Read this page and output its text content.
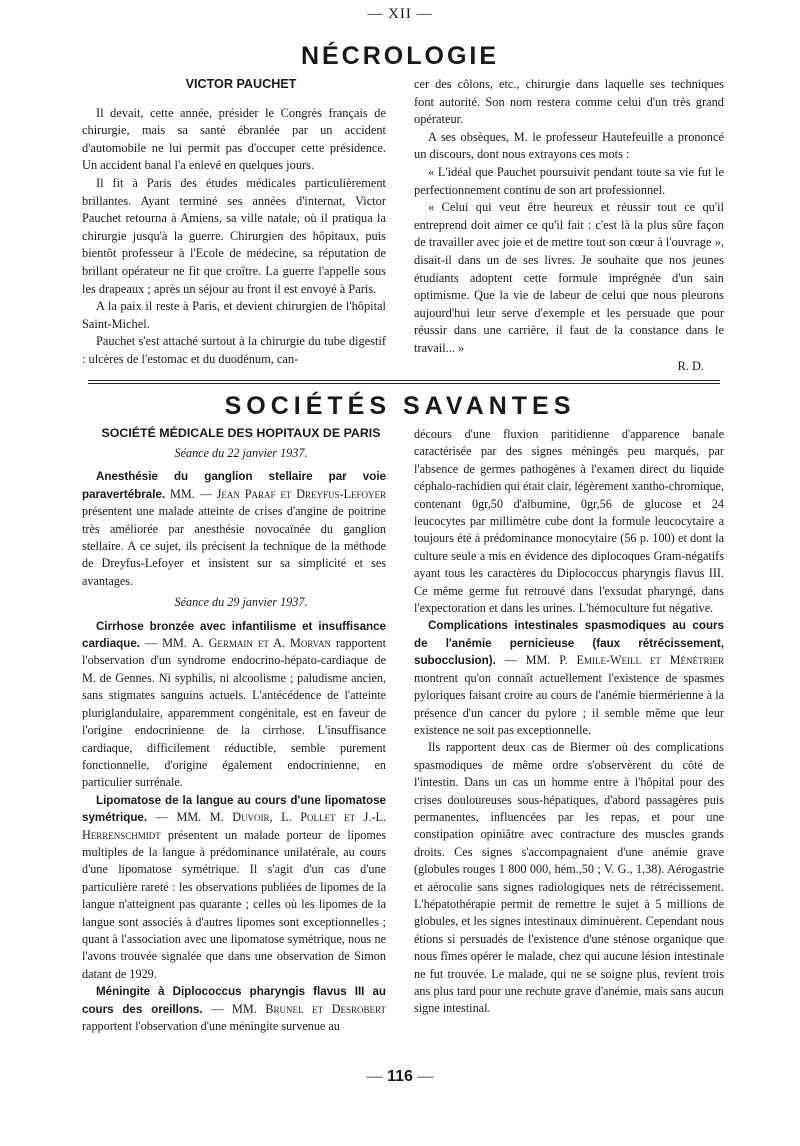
— XII —
NÉCROLOGIE

VICTOR PAUCHET

Il devait, cette année, présider le Congrès français de chirurgie, mais sa santé ébranlée par un accident d'automobile ne lui permit pas d'occuper cette présidence. Un accident banal l'a enlevé en quelques jours.

Il fit à Paris des études médicales particulièrement brillantes. Ayant terminé ses années d'internat, Victor Pauchet retourna à Amiens, sa ville natale, où il pratiqua la chirurgie jusqu'à la guerre. Chirurgien des hôpitaux, puis bientôt professeur à l'Ecole de médecine, sa réputation de brillant opérateur ne fit que croître. La guerre l'appelle sous les drapeaux ; après un séjour au front il est envoyé à Paris.

A la paix il reste à Paris, et devient chirurgien de l'hôpital Saint-Michel.

Pauchet s'est attaché surtout à la chirurgie du tube digestif : ulcères de l'estomac et du duodénum, can-

cer des côlons, etc., chirurgie dans laquelle ses techniques font autorité. Son nom restera comme celui d'un très grand opérateur.

A ses obsèques, M. le professeur Hautefeuille a prononcé un discours, dont nous extrayons ces mots :

« L'idéal que Pauchet poursuivit pendant toute sa vie fut le perfectionnement continu de son art professionnel.

« Celui qui veut être heureux et réussir tout ce qu'il entreprend doit aimer ce qu'il fait : c'est là la plus sûre façon de travailler avec joie et de mettre tout son cœur à l'ouvrage », disait-il dans un de ses livres. Je souhaite que nos jeunes étudiants adoptent cette formule imprégnée d'un sain optimisme. Que la vie de labeur de celui que nous pleurons aujourd'hui leur serve d'exemple et les persuade que pour réussir dans une carrière, il faut de la constance dans le travail... »

R. D.

SOCIÉTÉS SAVANTES

SOCIÉTÉ MÉDICALE DES HOPITAUX DE PARIS

Séance du 22 janvier 1937.

Anesthésie du ganglion stellaire par voie paravertébrale. MM. — Jean Paraf et Dreyfus-Lefoyer présentent une malade atteinte de crises d'angine de poitrine très améliorée par anesthésie novocaïnée du ganglion stellaire. A ce sujet, ils précisent la technique de la méthode de Dreyfus-Lefoyer et insistent sur sa simplicité et ses avantages.

Séance du 29 janvier 1937.

Cirrhose bronzée avec infantilisme et insuffisance cardiaque. — MM. A. Germain et A. Morvan rapportent l'observation d'un syndrome endocrino-hépato-cardiaque de M. de Gennes. Ni syphilis, ni alcoolisme ; paludisme ancien, sans stigmates sanguins actuels. L'antécédence de l'atteinte pluriglandulaire, apparemment congénitale, est en faveur de l'origine endocrinienne de la cirrhose. L'insuffisance cardiaque, difficilement réductible, semble purement fonctionnelle, d'origine également endocrinienne, en particulier surrénale.

Lipomatose de la langue au cours d'une lipomatose symétrique. — MM. M. Duvoir, L. Pollet et J.-L. Herrenschmidt présentent un malade porteur de lipomes multiples de la langue à prédominance unilatérale, au cours d'une lipomatose symétrique. Il s'agit d'un cas d'une particulière rareté : les observations publiées de lipomes de la langue n'atteignent pas quarante ; celles où les lipomes de la langue sont associés à d'autres lipomes sont exceptionnelles ; quant à l'association avec une lipomatose symétrique, nous ne l'avons trouvée signalée que dans une observation de Simon datant de 1929.

Méningite à Diplococcus pharyngis flavus III au cours des oreillons. — MM. Brunel et Desrobert rapportent l'observation d'une méningite survenue au

décours d'une fluxion paritidienne d'apparence banale caractérisée par des signes méningés peu marqués, par l'absence de germes pathogènes à l'examen direct du liquide céphalo-rachidien qui était clair, légèrement xantho-chromique, contenant 0gr,50 d'albumine, 0gr,56 de glucose et 24 leucocytes par millimètre cube dont la formule leucocytaire a toujours été à prédominance monocytaire (56 p. 100) et dont la culture seule a mis en évidence des diplocoques Gram-négatifs ayant tous les caractères du Diplococcus pharyngis flavus III. Ce même germe fut retrouvé dans l'exsudat pharyngé, dans l'expectoration et dans les urines. L'hémoculture fut négative.

Complications intestinales spasmodiques au cours de l'anémie pernicieuse (faux rétrécissement, subocclusion). — MM. P. Emile-Weill et Ménétrier montrent qu'on connaît actuellement l'existence de spasmes pyloriques faisant croire au cours de l'anémie biermérienne à la présence d'un cancer du pylore ; il semble même que leur existence ne soit pas exceptionnelle.

Ils rapportent deux cas de Biermer où des complications spasmodiques de même ordre s'observèrent du côté de l'intestin. Dans un cas un homme entre à l'hôpital pour des crises douloureuses sous-hépatiques, d'abord passagères puis permanentes, influencées par les repas, et pour une constipation opiniâtre avec contracture des muscles grands droits. Ces signes s'accompagnaient d'une anémie grave (globules rouges 1 800 000, hém.,50 ; V. G., 1,38). Aérogastrie et aérocolie sans signes radiologiques nets de rétrécissement. L'hépatothérapie permit de remettre le sujet à 5 millions de globules, et les signes intestinaux diminuèrent. Cependant nous étions si persuadés de l'existence d'une sténose organique que nous fîmes opérer le malade, chez qui aucune lésion intestinale ne fut trouvée. Le malade, qui ne se soigne plus, revient trois ans plus tard pour une rechute grave d'anémie, mais sans aucun signe intestinal.

— 116 —
